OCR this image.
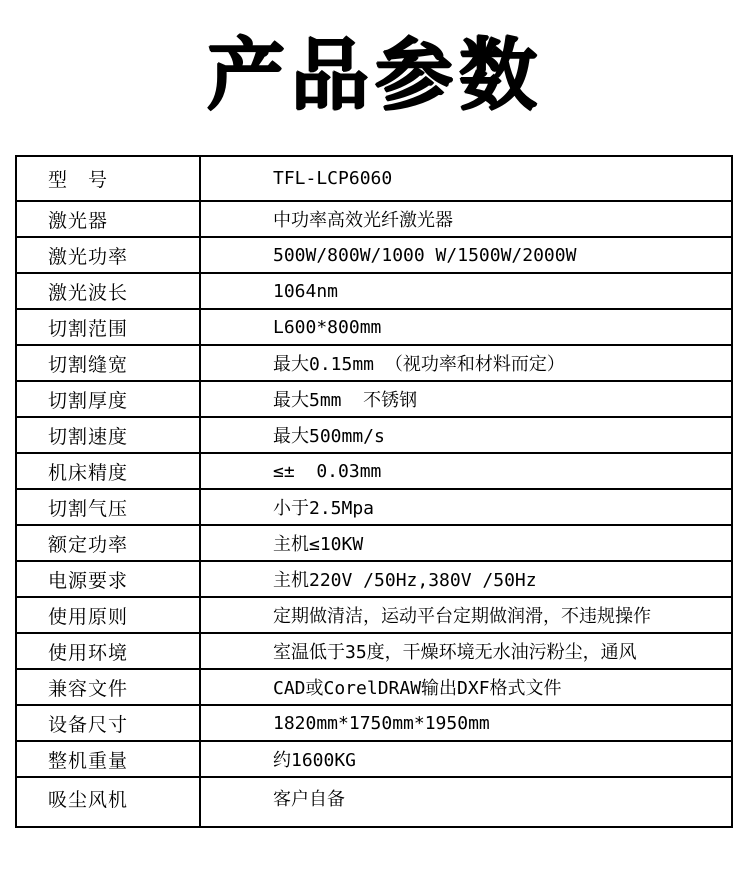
产品参数
型　号	TFL-LCP6060
激光器	中功率高效光纤激光器
激光功率	500W/800W/1000 W/1500W/2000W
激光波长	1064nm
切割范围	L600*800mm
切割缝宽	最大0.15mm （视功率和材料而定）
切割厚度	最大5mm  不锈钢
切割速度	最大500mm/s
机床精度	≤±  0.03mm
切割气压	小于2.5Mpa
额定功率	主机≤10KW
电源要求	主机220V /50Hz,380V /50Hz
使用原则	定期做清洁，运动平台定期做润滑，不违规操作
使用环境	室温低于35度，干燥环境无水油污粉尘，通风
兼容文件	CAD或CorelDRAW输出DXF格式文件
设备尺寸	1820mm*1750mm*1950mm
整机重量	约1600KG
吸尘风机	客户自备
